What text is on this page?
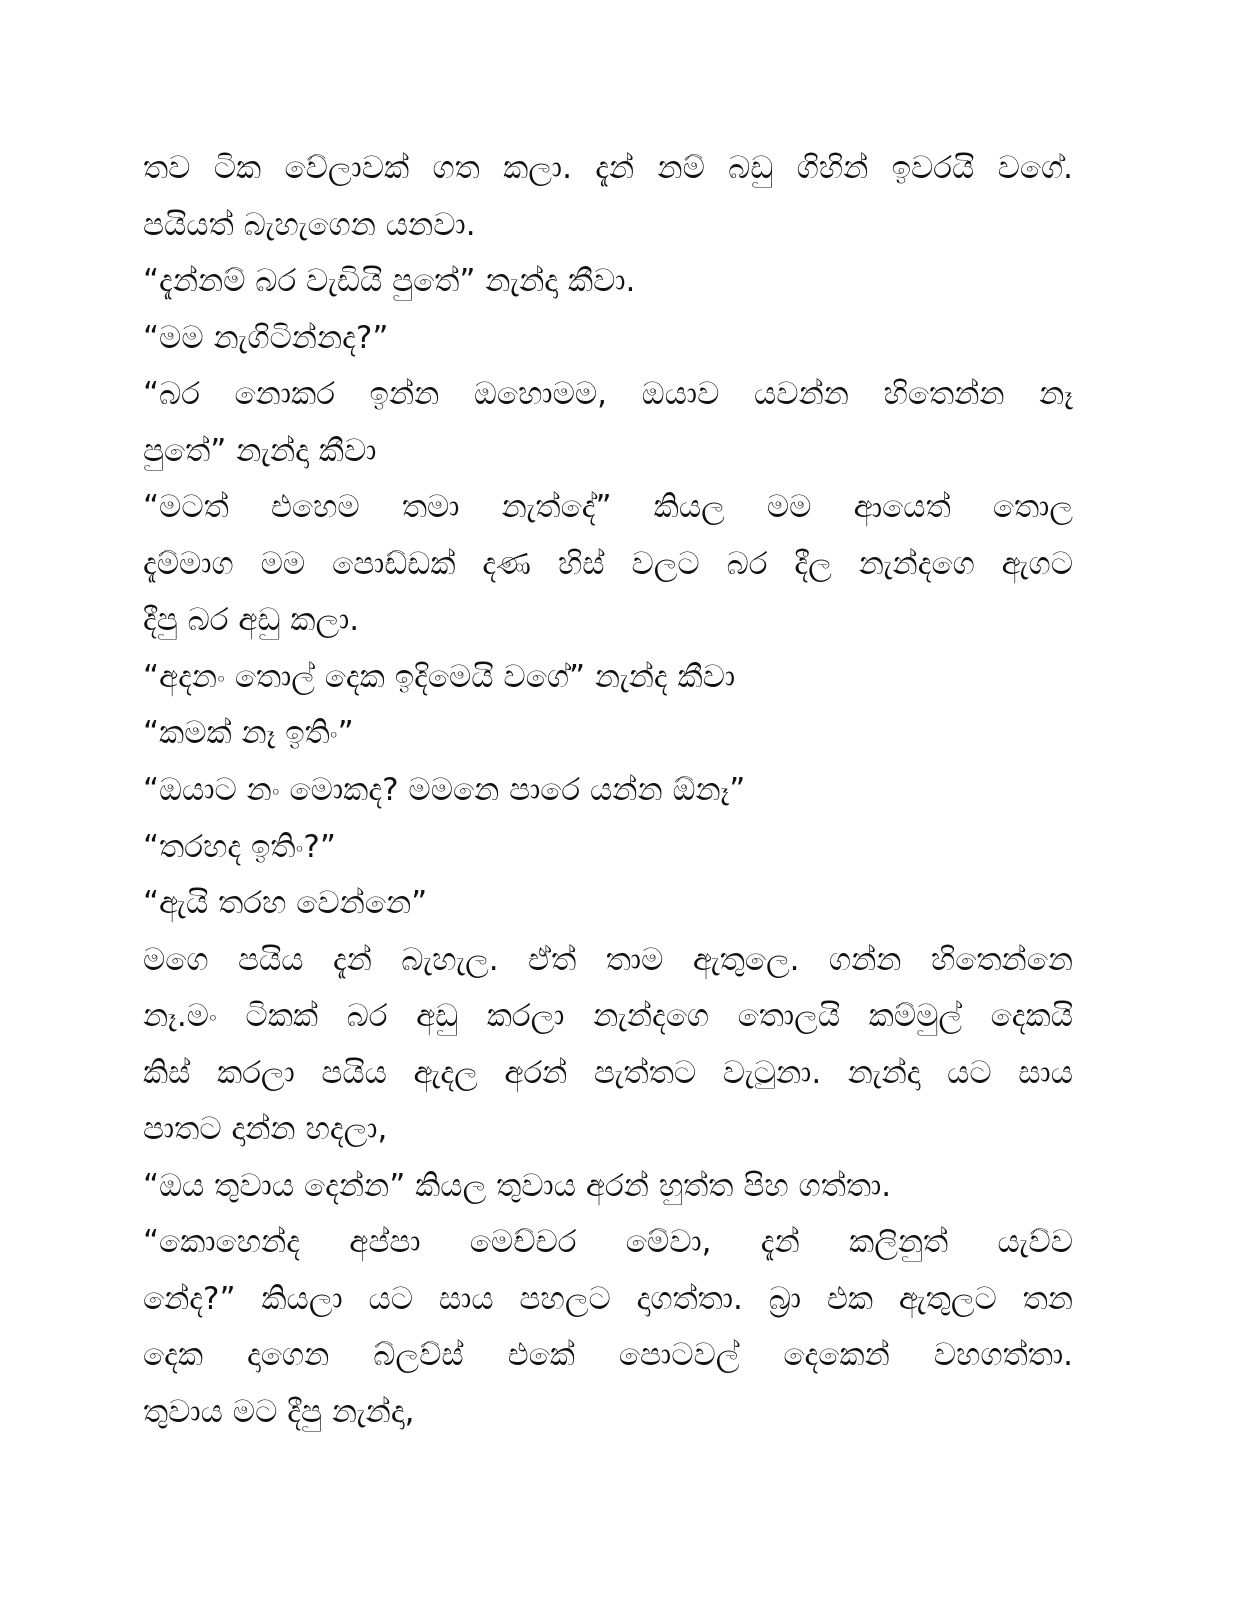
තව ටික වේලාවක් ගත කලා. දැන් නම් බඩු ගිහින් ඉවරයි වගේ.
පයියත් බැහැගෙන යනවා.
“දැන්නම් බර වැඩියි පුතේ” නැන්දා කීවා.
“මම නැගිටින්නද?”
“බර නොකර ඉන්න ඔහොමම, ඔයාව යවන්න හිතෙන්න නෑ
පුතේ” නැන්දා කීවා
“මටත් එහෙම තමා නැත්දේ” කියල මම ආයෙත් තොල
දැම්මාග මම පොඩ්ඩක් දණ හිස් වලට බර දීල නැන්දගෙ ඇගට
දීපු බර අඩු කලා.
“අදනං තොල් දෙක ඉදිමෙයි වගේ” නැන්ද කීවා
“කමක් නෑ ඉතිං”
“ඔයාට නං මොකද? මමනෙ පාරෙ යන්න ඕනෑ”
“තරහද ඉතිං?”
“ඇයි තරහ වෙන්නෙ”
මගෙ පයිය දැන් බැහැල. ඒත් තාම ඇතුලෙ. ගන්න හිතෙන්නෙ
නෑ.මං ටිකක් බර අඩු කරලා නැන්දගෙ තොලයි කම්මුල් දෙකයි
කිස් කරලා පයිය ඇදල අරන් පැත්තට වැටුනා. නැන්දා යට සාය
පාතට දාන්න හදලා,
“ඔය තුවාය දෙන්න” කියල තුවාය අරන් හුත්ත පිහ ගත්තා.
“කොහෙන්ද අප්පා මෙච්චර මේවා, දැන් කලිනුත් යැව්ව
නේද?” කියලා යට සාය පහලට දාගත්තා. බ්‍රා එක ඇතුලට තන
දෙක දාගෙන බ්ලව්ස් එකේ පොටවල් දෙකෙන් වහගත්තා.
තුවාය මට දීපු නැන්දා,
